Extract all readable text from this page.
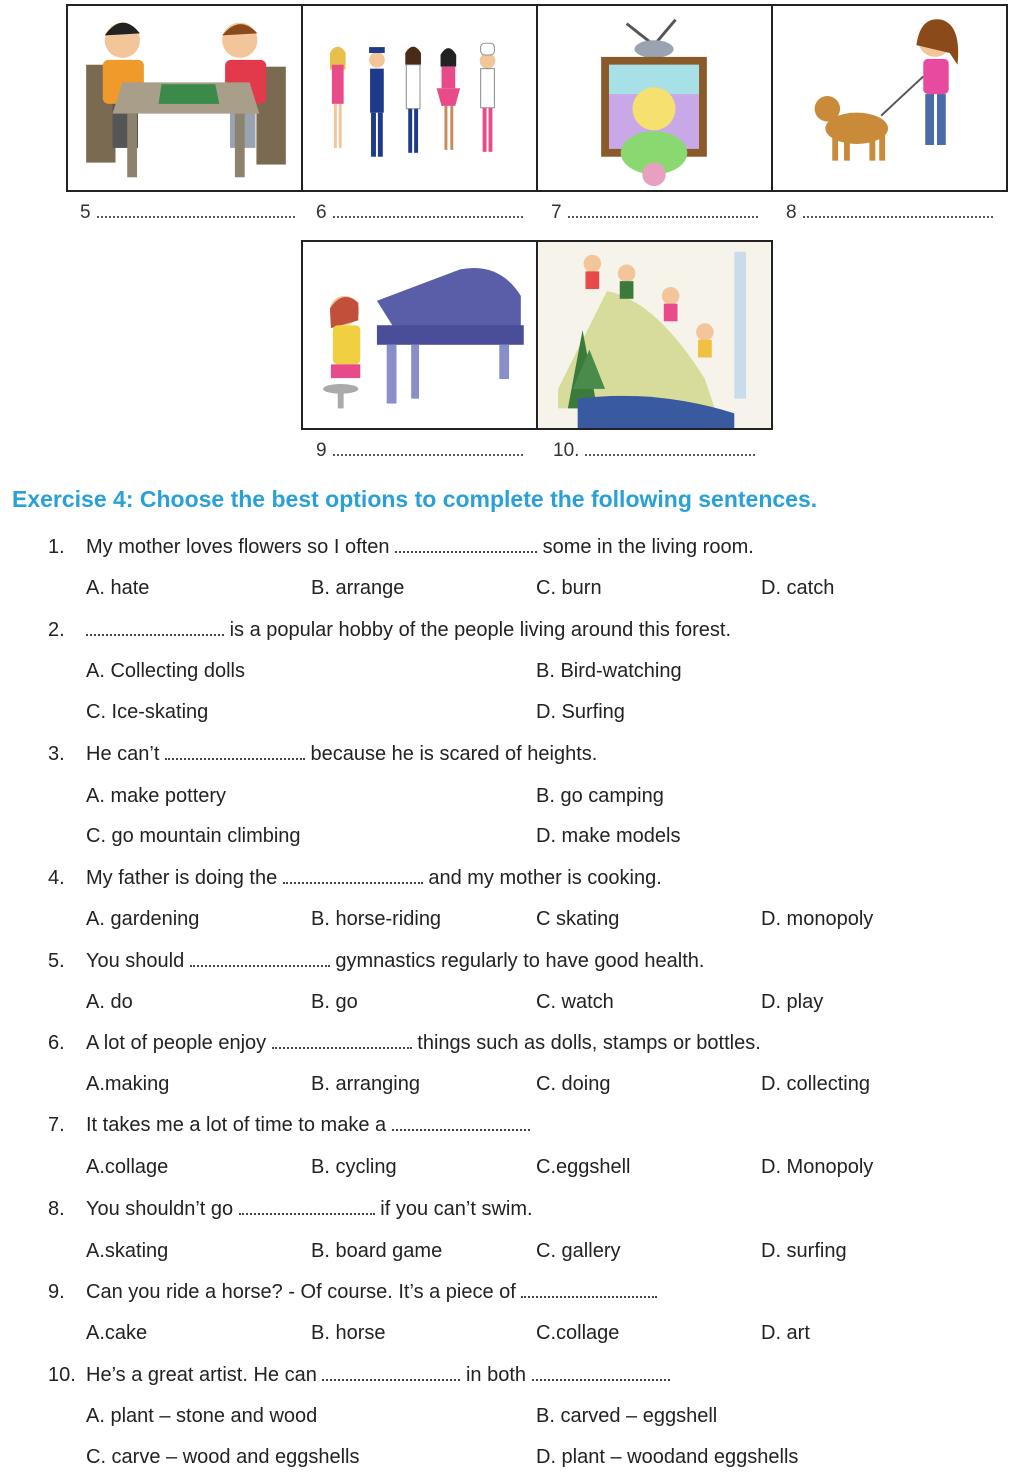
5	6	7	8
9	10.
Exercise 4: Choose the best options to complete the following sentences.
1. My mother loves flowers so I often	some in the living room.
A. hate	B. arrange	C. burn	D. catch
2.	is a popular hobby of the people living around this forest.
A. Collecting dolls	B. Bird-watching
C. Ice-skating	D. Surfing
3. He can’t	because he is scared of heights.
A. make pottery	B. go camping
C. go mountain climbing	D. make models
4. My father is doing the	and my mother is cooking.
A. gardening	B. horse-riding	C skating	D. monopoly
5. You should	gymnastics regularly to have good health.
A. do	B. go	C. watch	D. play
6. A lot of people enjoy	things such as dolls, stamps or bottles.
A.making	B. arranging	C. doing	D. collecting
7. It takes me a lot of time to make a
A.collage	B. cycling	C.eggshell	D. Monopoly
8. You shouldn’t go	if you can’t swim.
A.skating	B. board game	C. gallery	D. surfing
9. Can you ride a horse? - Of course. It’s a piece of
A.cake	B. horse	C.collage	D. art
10. He’s a great artist. He can	in both
A. plant – stone and wood	B. carved – eggshell
C. carve – wood and eggshells	D. plant – woodand eggshells
